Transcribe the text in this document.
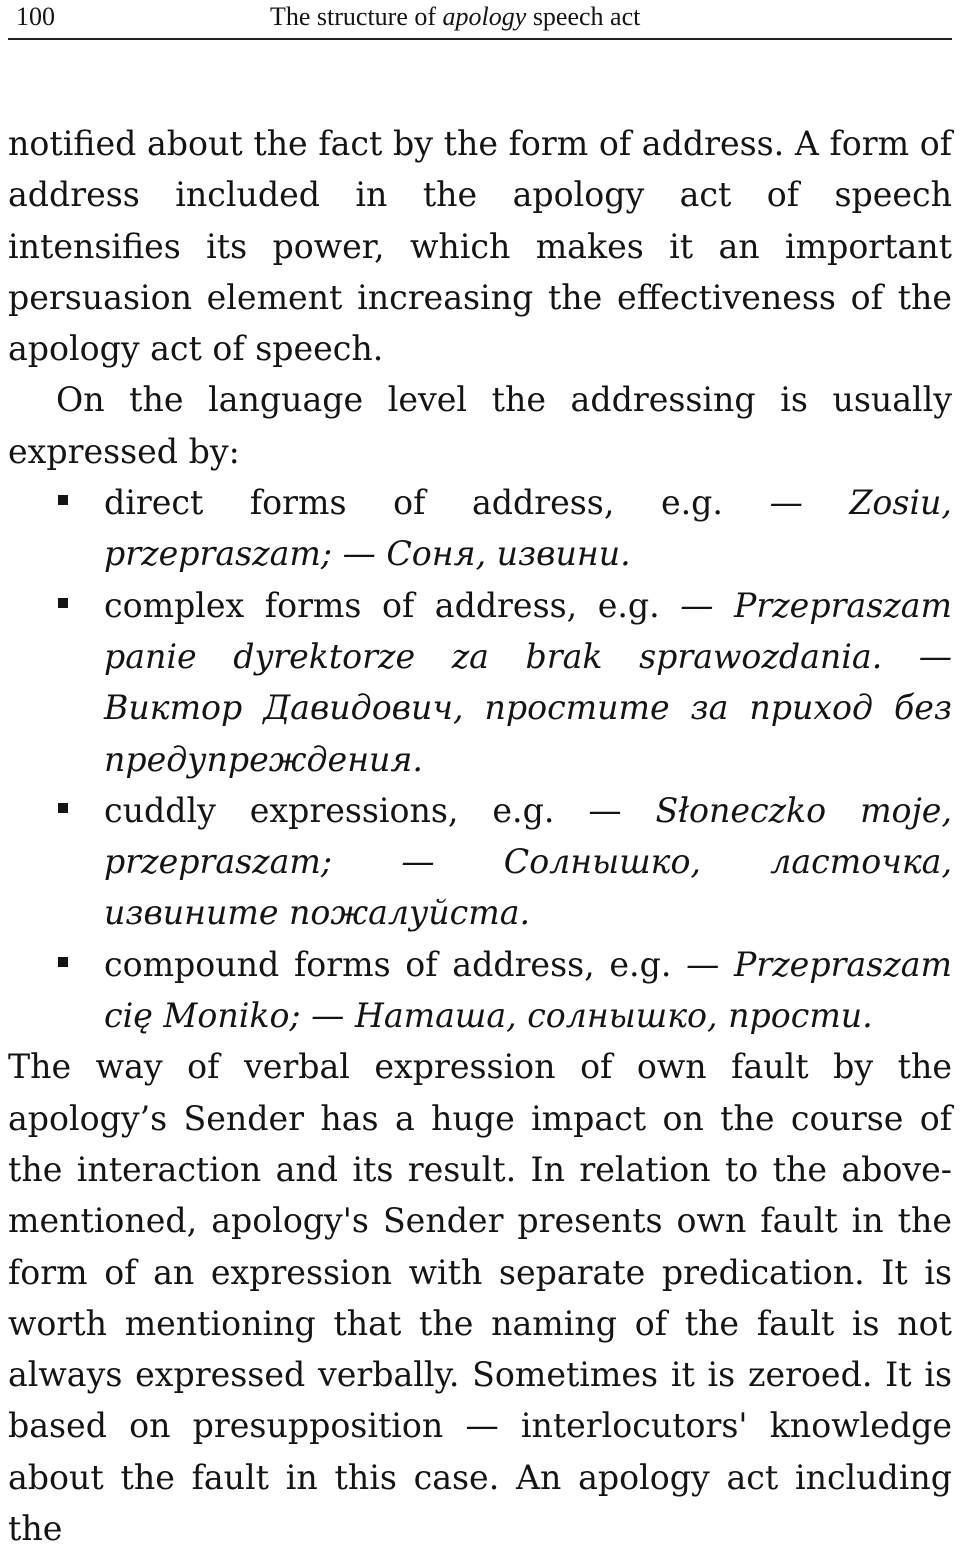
100	The structure of apology speech act

notified about the fact by the form of address. A form of address included in the apology act of speech intensifies its power, which makes it an important persuasion element increasing the effectiveness of the apology act of speech.

On the language level the addressing is usually expressed by:

direct forms of address, e.g. — Zosiu, przepraszam; — Соня, извини.
complex forms of address, e.g. — Przepraszam panie dyrektorze za brak sprawozdania. — Виктор Давидович, простите за приход без предупреждения.
cuddly expressions, e.g. — Słoneczko moje, przepraszam; — Солнышко, ласточка, извините пожалуйста.
compound forms of address, e.g. — Przepraszam cię Moniko; — Наташа, солнышко, прости.

The way of verbal expression of own fault by the apology’s Sender has a huge impact on the course of the interaction and its result. In relation to the abovementioned, apology's Sender presents own fault in the form of an expression with separate predication. It is worth mentioning that the naming of the fault is not always expressed verbally. Sometimes it is zeroed. It is based on presupposition — interlocutors' knowledge about the fault in this case. An apology act including the
